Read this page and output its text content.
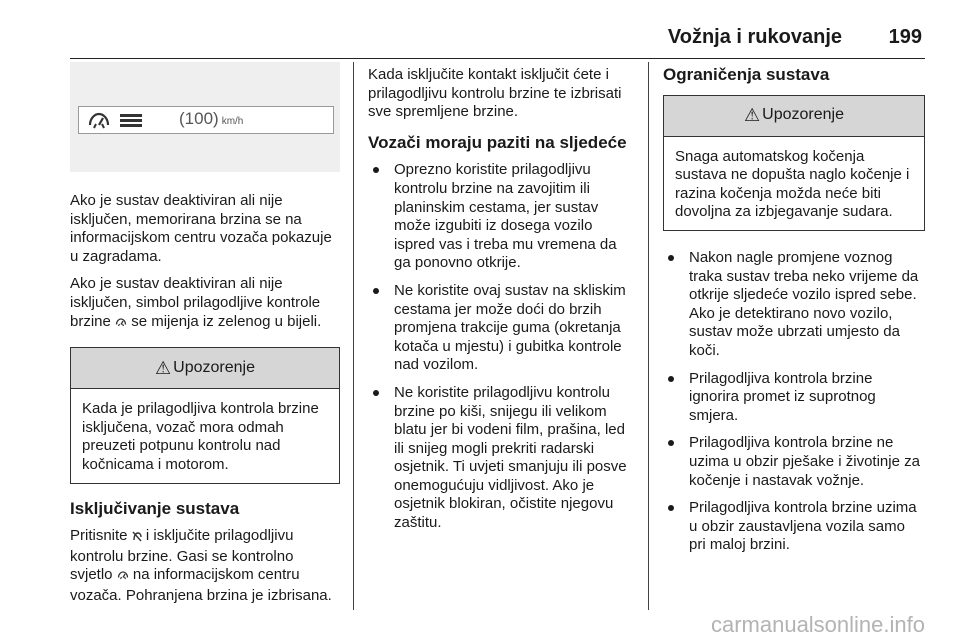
Vožnja i rukovanje 199
(100) km/h

Ako je sustav deaktiviran ali nije isključen, memorirana brzina se na informacijskom centru vozača pokazuje u zagradama.

Ako je sustav deaktiviran ali nije isključen, simbol prilagodljive kontrole brzine se mijenja iz zelenog u bijeli.

⚠ Upozorenje
Kada je prilagodljiva kontrola brzine isključena, vozač mora odmah preuzeti potpunu kontrolu nad kočnicama i motorom.
Isključivanje sustava

Pritisnite i isključite prilagodljivu kontrolu brzine. Gasi se kontrolno svjetlo na informacijskom centru vozača. Pohranjena brzina je izbrisana.

Kada isključite kontakt isključit ćete i prilagodljivu kontrolu brzine te izbrisati sve spremljene brzine.

Vozači moraju paziti na sljedeće
Oprezno koristite prilagodljivu kontrolu brzine na zavojitim ili planinskim cestama, jer sustav može izgubiti iz dosega vozilo ispred vas i treba mu vremena da ga ponovno otkrije.
Ne koristite ovaj sustav na skliskim cestama jer može doći do brzih promjena trakcije guma (okretanja kotača u mjestu) i gubitka kontrole nad vozilom.
Ne koristite prilagodljivu kontrolu brzine po kiši, snijegu ili velikom blatu jer bi vodeni film, prašina, led ili snijeg mogli prekriti radarski osjetnik. Ti uvjeti smanjuju ili posve onemogućuju vidljivost. Ako je osjetnik blokiran, očistite njegovu zaštitu.
Ograničenja sustava
⚠ Upozorenje
Snaga automatskog kočenja sustava ne dopušta naglo kočenje i razina kočenja možda neće biti dovoljna za izbjegavanje sudara.
Nakon nagle promjene voznog traka sustav treba neko vrijeme da otkrije sljedeće vozilo ispred sebe. Ako je detektirano novo vozilo, sustav može ubrzati umjesto da koči.
Prilagodljiva kontrola brzine ignorira promet iz suprotnog smjera.
Prilagodljiva kontrola brzine ne uzima u obzir pješake i životinje za kočenje i nastavak vožnje.
Prilagodljiva kontrola brzine uzima u obzir zaustavljena vozila samo pri maloj brzini.
carmanualsonline.info
